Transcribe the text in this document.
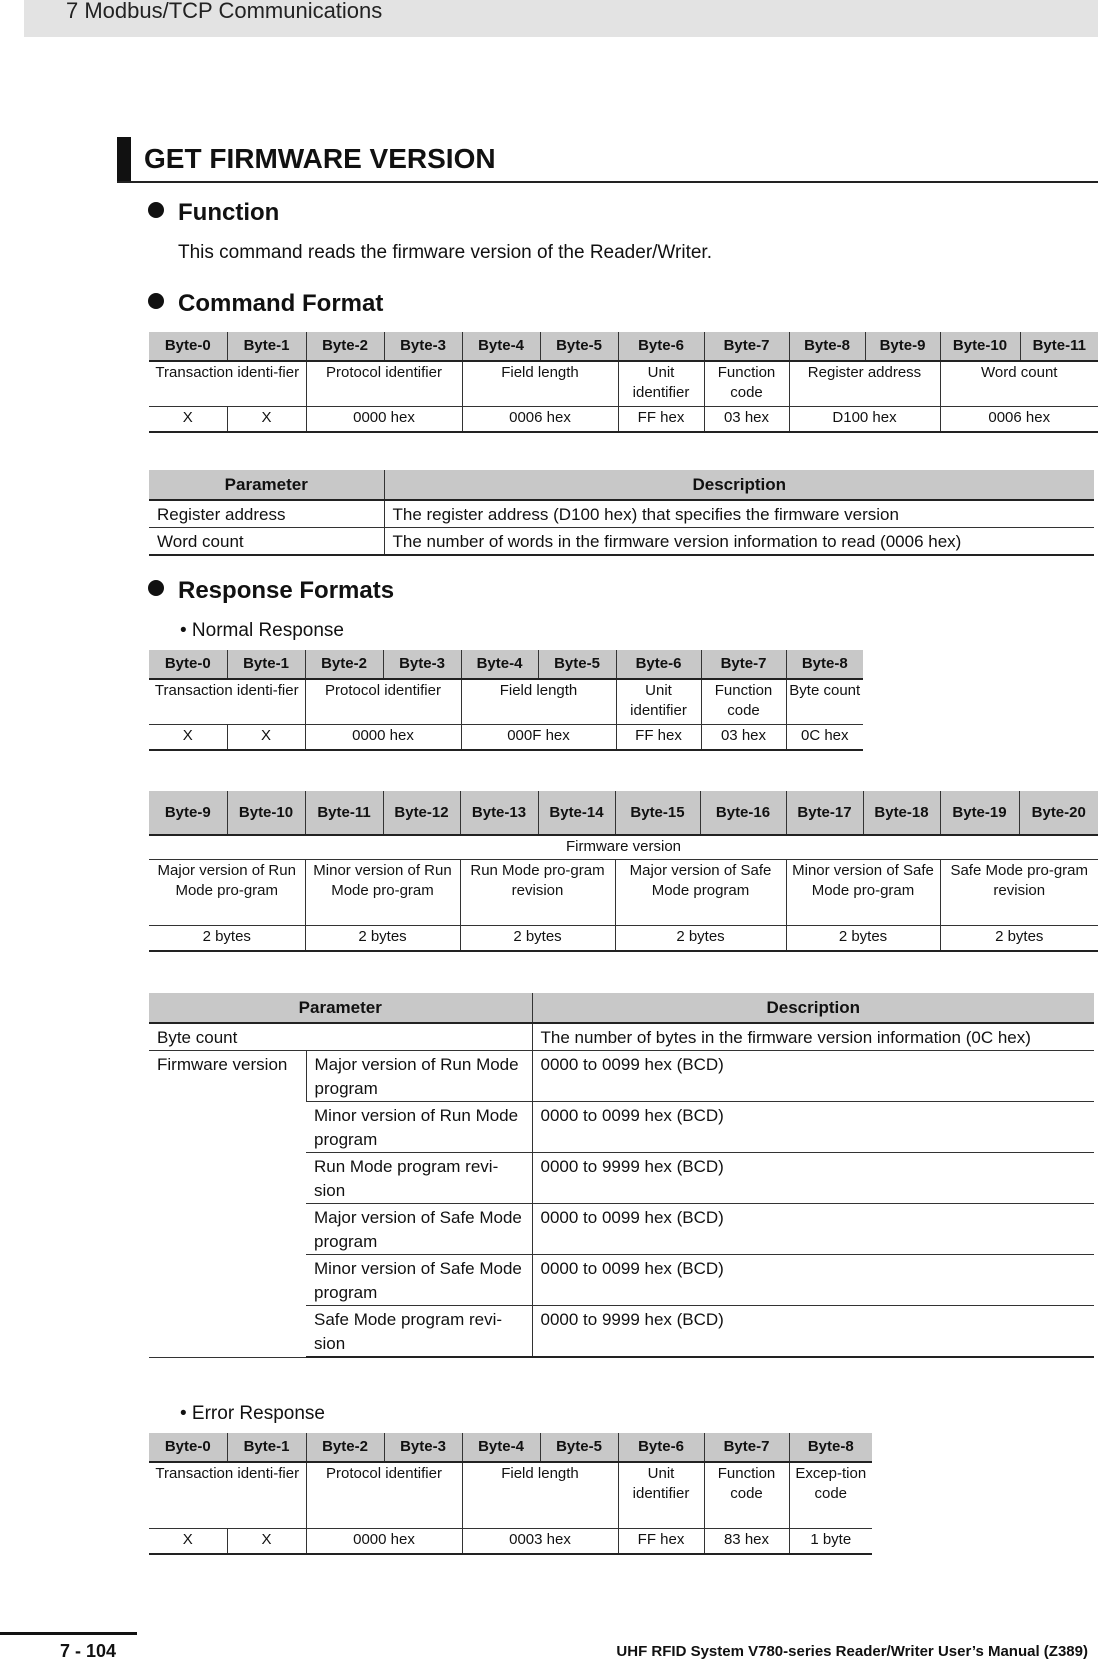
7 Modbus/TCP Communications
GET FIRMWARE VERSION
Function
This command reads the firmware version of the Reader/Writer.
Command Format
Byte-0	Byte-1	Byte-2	Byte-3	Byte-4	Byte-5	Byte-6	Byte-7	Byte-8	Byte-9	Byte-10	Byte-11
Transaction identi-fier		Protocol identifier		Field length		Unit identifier	Function code	Register address		Word count	
X	X	0000 hex		0006 hex		FF hex	03 hex	D100 hex		0006 hex	
Parameter	Description
Register address	The register address (D100 hex) that specifies the firmware version
Word count	The number of words in the firmware version information to read (0006 hex)
Response Formats
• Normal Response
Byte-0	Byte-1	Byte-2	Byte-3	Byte-4	Byte-5	Byte-6	Byte-7	Byte-8
Transaction identi-fier		Protocol identifier		Field length		Unit identifier	Function code	Byte count
X	X	0000 hex		000F hex		FF hex	03 hex	0C hex
Byte-9	Byte-10	Byte-11	Byte-12	Byte-13	Byte-14	Byte-15	Byte-16	Byte-17	Byte-18	Byte-19	Byte-20
Firmware version											
Major version of Run Mode pro-gram		Minor version of Run Mode pro-gram		Run Mode pro-gram revision		Major version of Safe Mode program		Minor version of Safe Mode pro-gram		Safe Mode pro-gram revision	
2 bytes		2 bytes		2 bytes		2 bytes		2 bytes		2 bytes	
Parameter		Description
Byte count		The number of bytes in the firmware version information (0C hex)
Firmware version	Major version of Run Mode program	0000 to 0099 hex (BCD)
	Minor version of Run Mode program	0000 to 0099 hex (BCD)
	Run Mode program revi-sion	0000 to 9999 hex (BCD)
	Major version of Safe Mode program	0000 to 0099 hex (BCD)
	Minor version of Safe Mode program	0000 to 0099 hex (BCD)
	Safe Mode program revi-sion	0000 to 9999 hex (BCD)
• Error Response
Byte-0	Byte-1	Byte-2	Byte-3	Byte-4	Byte-5	Byte-6	Byte-7	Byte-8
Transaction identi-fier		Protocol identifier		Field length		Unit identifier	Function code	Excep-tion code
X	X	0000 hex		0003 hex		FF hex	83 hex	1 byte
7 - 104	UHF RFID System V780-series Reader/Writer User’s Manual (Z389)
